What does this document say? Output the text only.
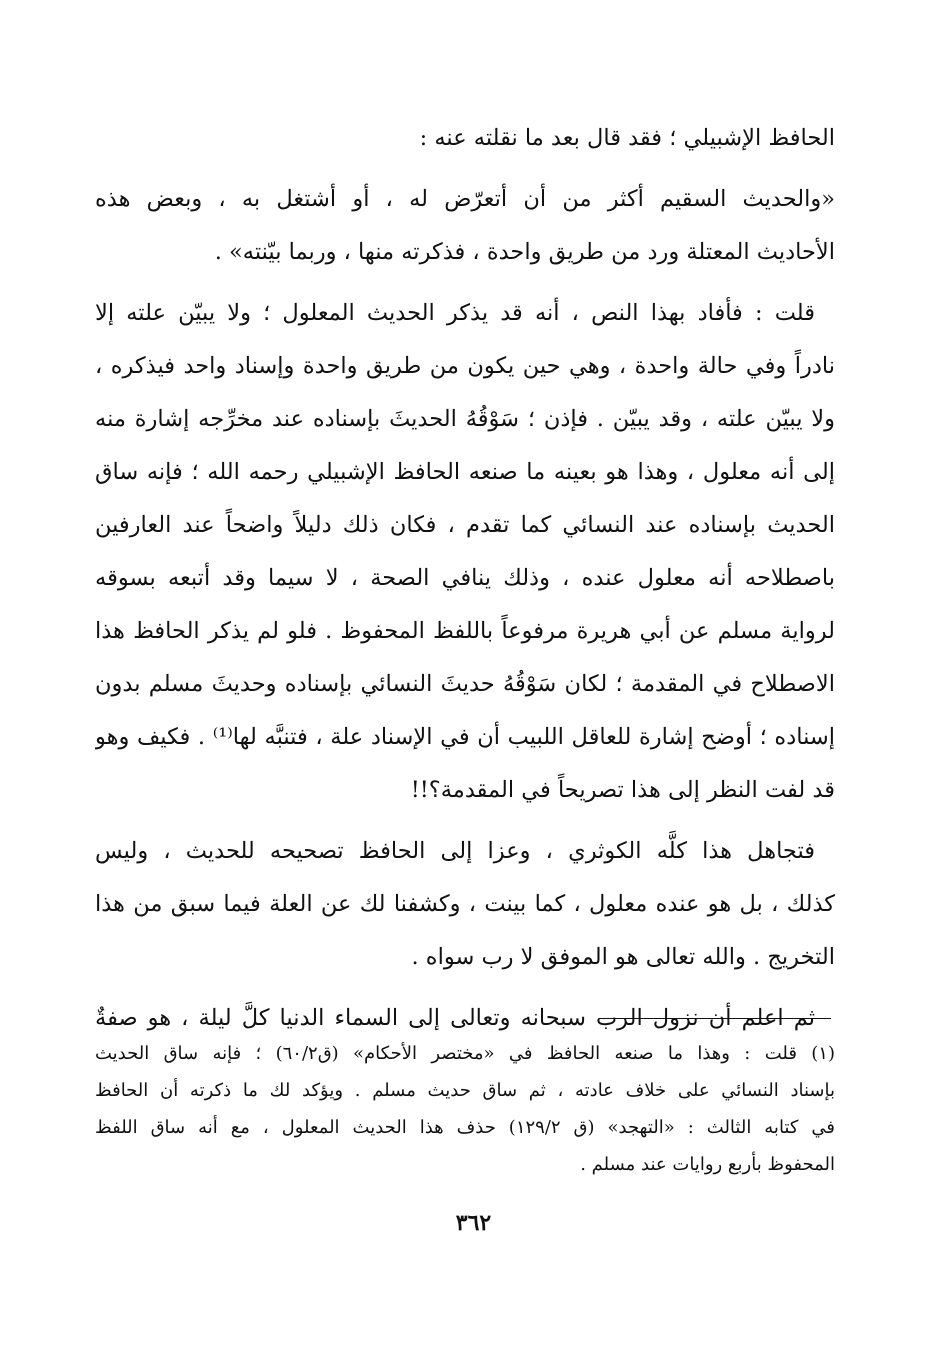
الحافظ الإشبيلي ؛ فقد قال بعد ما نقلته عنه :
«والحديث السقيم أكثر من أن أتعرّض له ، أو أشتغل به ، وبعض هذه
الأحاديث المعتلة ورد من طريق واحدة ، فذكرته منها ، وربما بيّنته» .
قلت : فأفاد بهذا النص ، أنه قد يذكر الحديث المعلول ؛ ولا يبيّن علته إلا
نادراً وفي حالة واحدة ، وهي حين يكون من طريق واحدة وإسناد واحد فيذكره ،
ولا يبيّن علته ، وقد يبيّن . فإذن ؛ سَوْقُهُ الحديثَ بإسناده عند مخرِّجه إشارة منه
إلى أنه معلول ، وهذا هو بعينه ما صنعه الحافظ الإشبيلي رحمه الله ؛ فإنه ساق
الحديث بإسناده عند النسائي كما تقدم ، فكان ذلك دليلاً واضحاً عند العارفين
باصطلاحه أنه معلول عنده ، وذلك ينافي الصحة ، لا سيما وقد أتبعه بسوقه
لرواية مسلم عن أبي هريرة مرفوعاً باللفظ المحفوظ . فلو لم يذكر الحافظ هذا
الاصطلاح في المقدمة ؛ لكان سَوْقُهُ حديثَ النسائي بإسناده وحديثَ مسلم بدون
إسناده ؛ أوضح إشارة للعاقل اللبيب أن في الإسناد علة ، فتنبَّه لها⁽¹⁾ . فكيف وهو
قد لفت النظر إلى هذا تصريحاً في المقدمة؟!!
فتجاهل هذا كلَّه الكوثري ، وعزا إلى الحافظ تصحيحه للحديث ، وليس
كذلك ، بل هو عنده معلول ، كما بينت ، وكشفنا لك عن العلة فيما سبق من هذا
التخريج . والله تعالى هو الموفق لا رب سواه .
ثم اعلم أن نزول الرب سبحانه وتعالى إلى السماء الدنيا كلَّ ليلة ، هو صفةٌ
(١) قلت : وهذا ما صنعه الحافظ في «مختصر الأحكام» (ق٦٠/٢) ؛ فإنه ساق الحديث
بإسناد النسائي على خلاف عادته ، ثم ساق حديث مسلم . ويؤكد لك ما ذكرته أن الحافظ
في كتابه الثالث : «التهجد» (ق ١٢٩/٢) حذف هذا الحديث المعلول ، مع أنه ساق اللفظ
المحفوظ بأربع روايات عند مسلم .
٣٦٢
